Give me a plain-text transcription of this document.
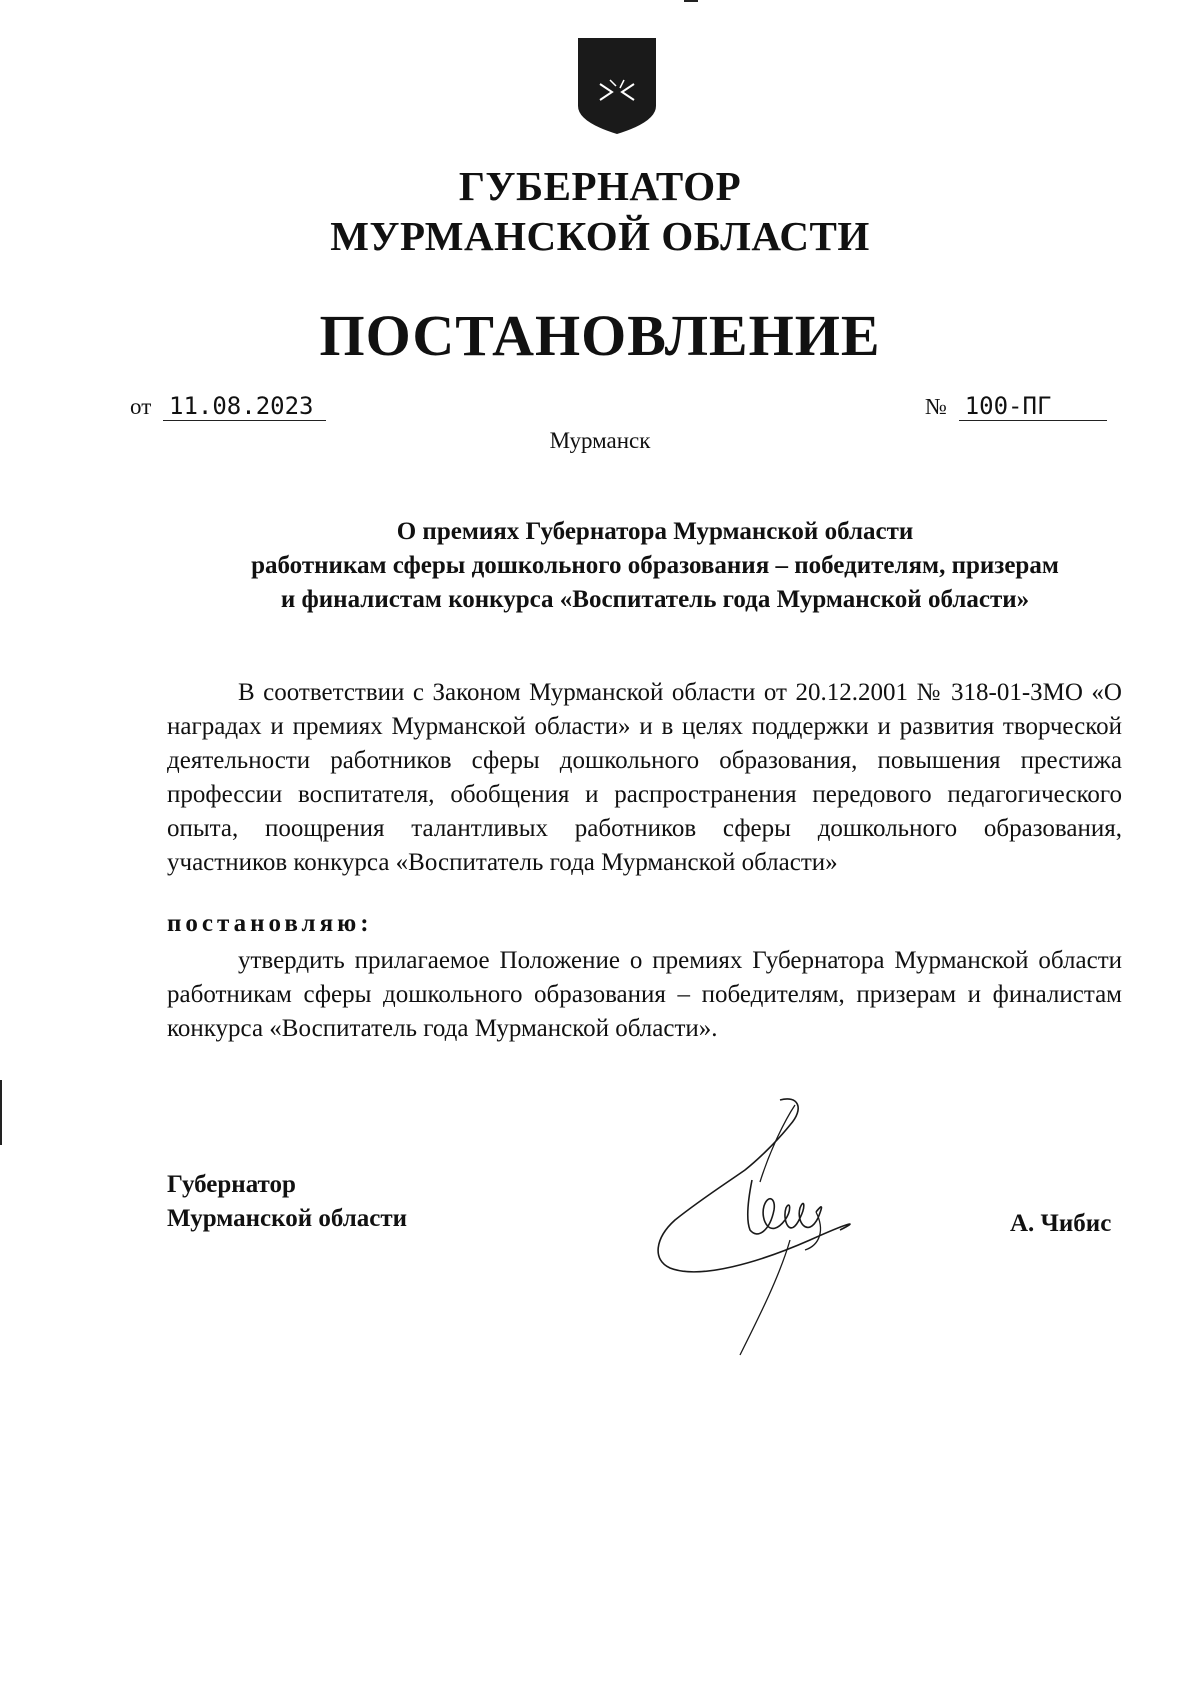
ГУБЕРНАТОР
МУРМАНСКОЙ ОБЛАСТИ
ПОСТАНОВЛЕНИЕ
от 11.08.2023	№ 100-ПГ
Мурманск
О премиях Губернатора Мурманской области
работникам сферы дошкольного образования – победителям, призерам
и финалистам конкурса «Воспитатель года Мурманской области»
В соответствии с Законом Мурманской области от 20.12.2001 № 318-01-ЗМО «О наградах и премиях Мурманской области» и в целях поддержки и развития творческой деятельности работников сферы дошкольного образования, повышения престижа профессии воспитателя, обобщения и распространения передового педагогического опыта, поощрения талантливых работников сферы дошкольного образования, участников конкурса «Воспитатель года Мурманской области»
постановляю:
утвердить прилагаемое Положение о премиях Губернатора Мурманской области работникам сферы дошкольного образования – победителям, призерам и финалистам конкурса «Воспитатель года Мурманской области».
Губернатор
Мурманской области	А. Чибис
